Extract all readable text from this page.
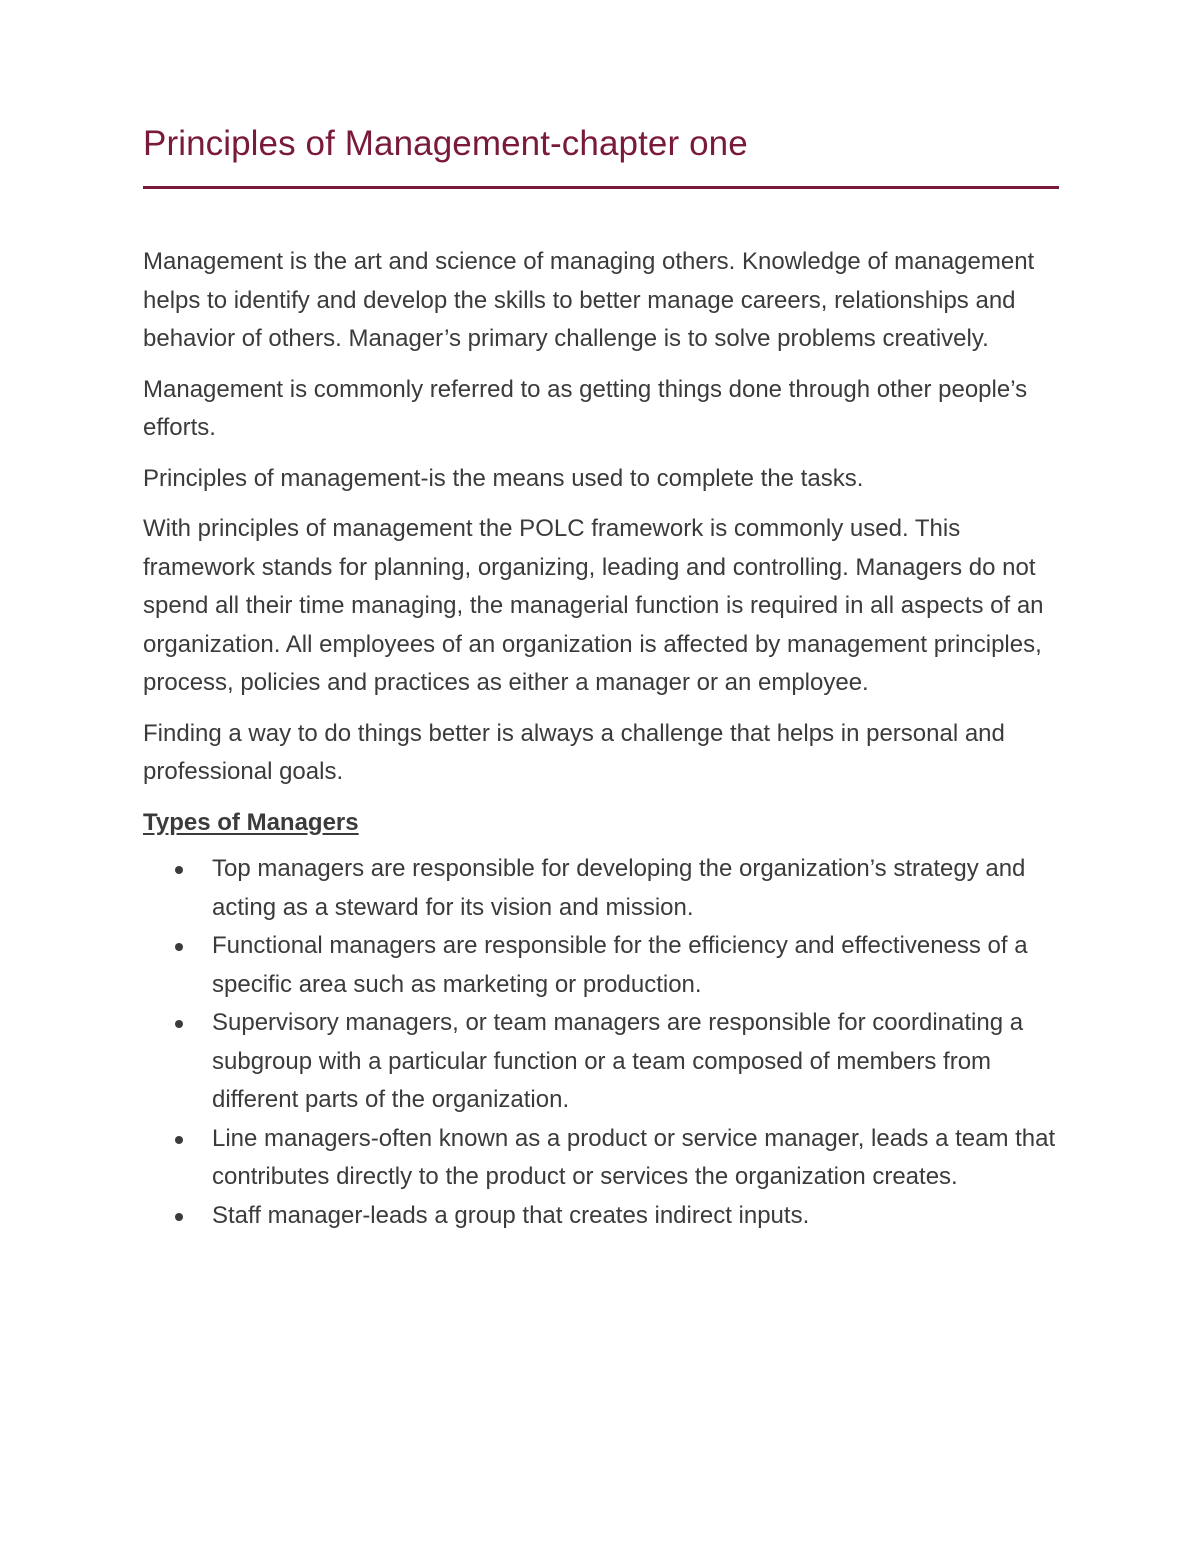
Principles of Management-chapter one

Management is the art and science of managing others. Knowledge of management helps to identify and develop the skills to better manage careers, relationships and behavior of others. Manager’s primary challenge is to solve problems creatively.

Management is commonly referred to as getting things done through other people’s efforts.

Principles of management-is the means used to complete the tasks.

With principles of management the POLC framework is commonly used. This framework stands for planning, organizing, leading and controlling. Managers do not spend all their time managing, the managerial function is required in all aspects of an organization. All employees of an organization is affected by management principles, process, policies and practices as either a manager or an employee.

Finding a way to do things better is always a challenge that helps in personal and professional goals.

Types of Managers

Top managers are responsible for developing the organization’s strategy and acting as a steward for its vision and mission.
Functional managers are responsible for the efficiency and effectiveness of a specific area such as marketing or production.
Supervisory managers, or team managers are responsible for coordinating a subgroup with a particular function or a team composed of members from different parts of the organization.
Line managers-often known as a product or service manager, leads a team that contributes directly to the product or services the organization creates.
Staff manager-leads a group that creates indirect inputs.
